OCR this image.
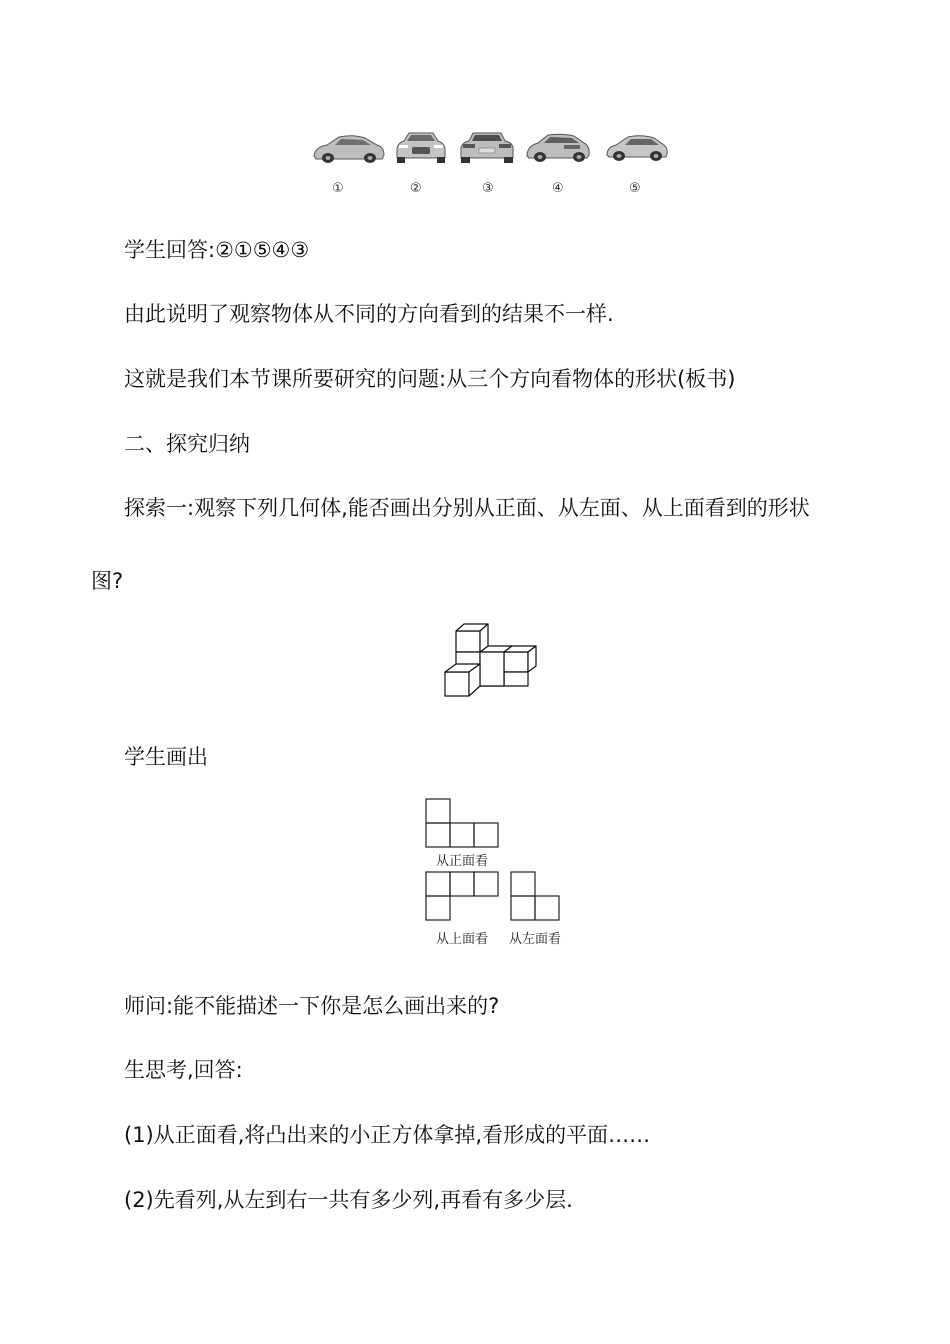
①	②	③	④	⑤

学生回答:②①⑤④③

由此说明了观察物体从不同的方向看到的结果不一样.

这就是我们本节课所要研究的问题:从三个方向看物体的形状(板书)

二、探究归纳

探索一:观察下列几何体,能否画出分别从正面、从左面、从上面看到的形状

图?

学生画出

从正面看
从上面看 从左面看

师问:能不能描述一下你是怎么画出来的?

生思考,回答:

(1)从正面看,将凸出来的小正方体拿掉,看形成的平面……

(2)先看列,从左到右一共有多少列,再看有多少层.
